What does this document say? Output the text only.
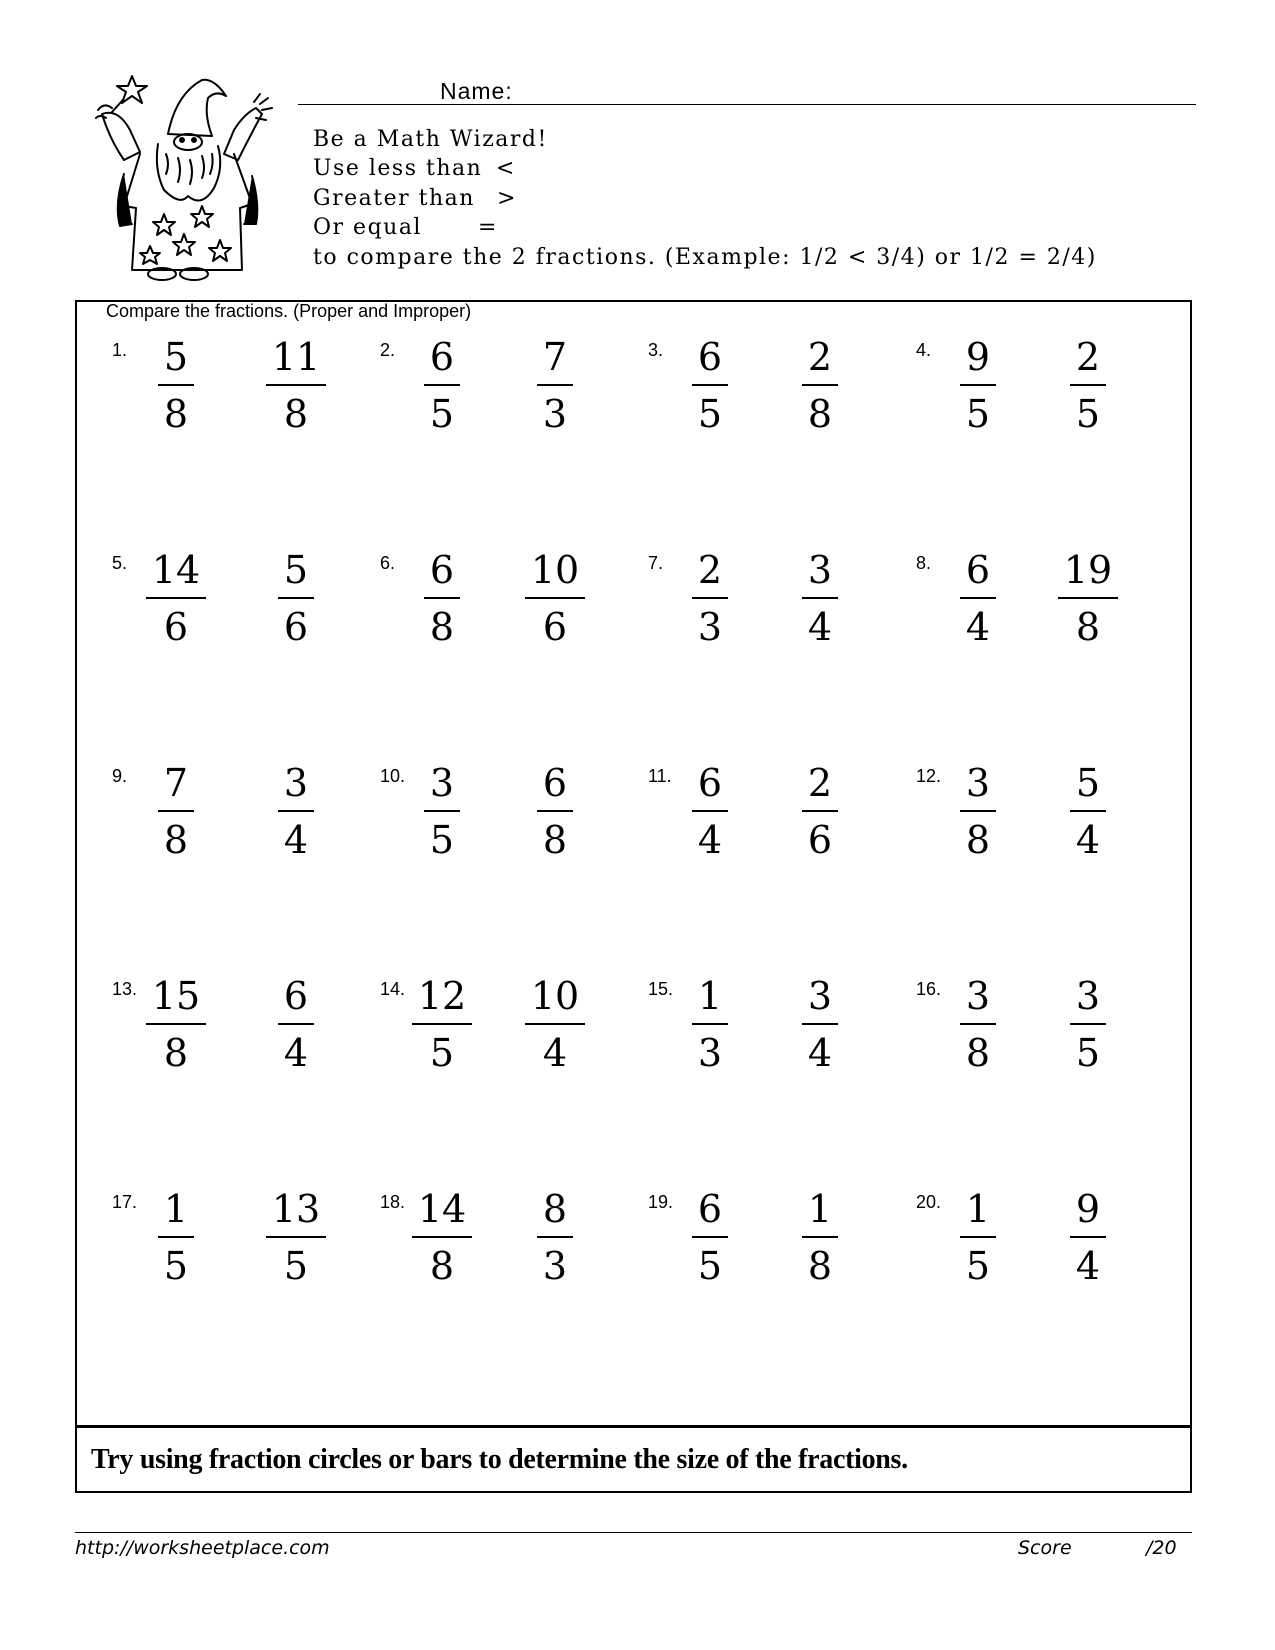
Name:
Be a Math Wizard!
Use less than <
Greater than >
Or equal	=
to compare the 2 fractions. (Example: 1/2 < 3/4) or 1/2 = 2/4)
Compare the fractions. (Proper and Improper)
1. $\frac{5}{8} \frac{11}{8}$	2. $\frac{6}{5} \frac{7}{3}$	3. $\frac{6}{5} \frac{2}{8}$	4. $\frac{9}{5} \frac{2}{5}$
5. $\frac{14}{6} \frac{5}{6}$	6. $\frac{6}{8} \frac{10}{6}$	7. $\frac{2}{3} \frac{3}{4}$	8. $\frac{6}{4} \frac{19}{8}$
9. $\frac{7}{8} \frac{3}{4}$	10. $\frac{3}{5} \frac{6}{8}$	11. $\frac{6}{4} \frac{2}{6}$	12. $\frac{3}{8} \frac{5}{4}$
13. $\frac{15}{8} \frac{6}{4}$	14. $\frac{12}{5} \frac{10}{4}$	15. $\frac{1}{3} \frac{3}{4}$	16. $\frac{3}{8} \frac{3}{5}$
17. $\frac{1}{5} \frac{13}{5}$	18. $\frac{14}{8} \frac{8}{3}$	19. $\frac{6}{5} \frac{1}{8}$	20. $\frac{1}{5} \frac{9}{4}$
Try using fraction circles or bars to determine the size of the fractions.
http://worksheetplace.com	Score	/20
